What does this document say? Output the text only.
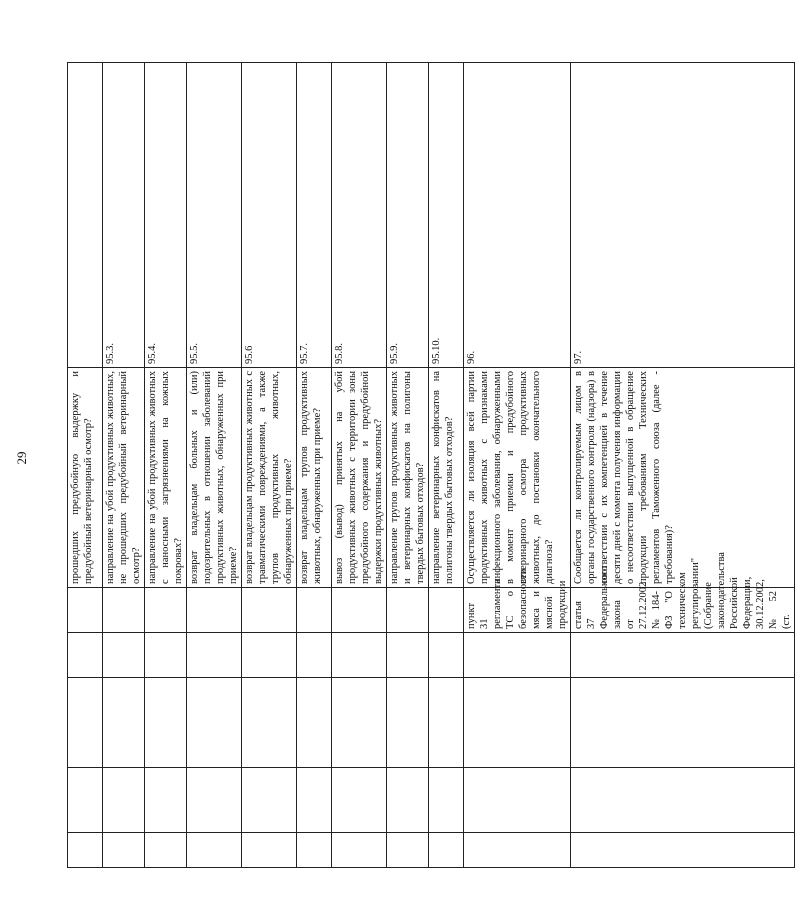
29
						прошедших предубойную выдержку и предубойный ветеринарный осмотр?	
					направление на убой продуктивных животных, не прошедших предубойный ветеринарный осмотр?	95.3.
					направление на убой продуктивных животных с наносными загрязнениями на кожных покровах?	95.4.
					возврат владельцам больных и (или) подозрительных в отношении заболеваний продуктивных животных, обнаруженных при приеме?	95.5.
					возврат владельцам продуктивных животных с травматическими повреждениями, а также трупов продуктивных животных, обнаруженных при приеме?	95.6
					возврат владельцам трупов продуктивных животных, обнаруженных при приеме?	95.7.
					вывоз (вывод) принятых на убой продуктивных животных с территории зоны предубойного содержания и предубойной выдержки продуктивных животных?	95.8.
					направление трупов продуктивных животных и ветеринарных конфискатов на полигоны твердых бытовых отходов?	95.9.
					направление ветеринарных конфискатов на полигоны твердых бытовых отходов?	95.10.
				пункт 31 регламента ТС о безопасности мяса и мясной продукции	Осуществляется ли изоляция всей партии продуктивных животных с признаками инфекционного заболевания, обнаруженными в момент приемки и предубойного ветеринарного осмотра продуктивных животных, до постановки окончательного диагноза?	96.
				статья 37 Федерального закона от 27.12.2002 № 184-ФЗ "О техническом регулировании" (Собрание законодательства Российской Федерации, 30.12.2002, № 52 (ст.	Сообщается ли контролируемым лицом в органы государственного контроля (надзора) в соответствии с их компетенцией в течение десяти дней с момента получения информации о несоответствии выпущенной в обращение продукции требованиям Технических регламентов Таможенного союза (далее - требования)?	97.
